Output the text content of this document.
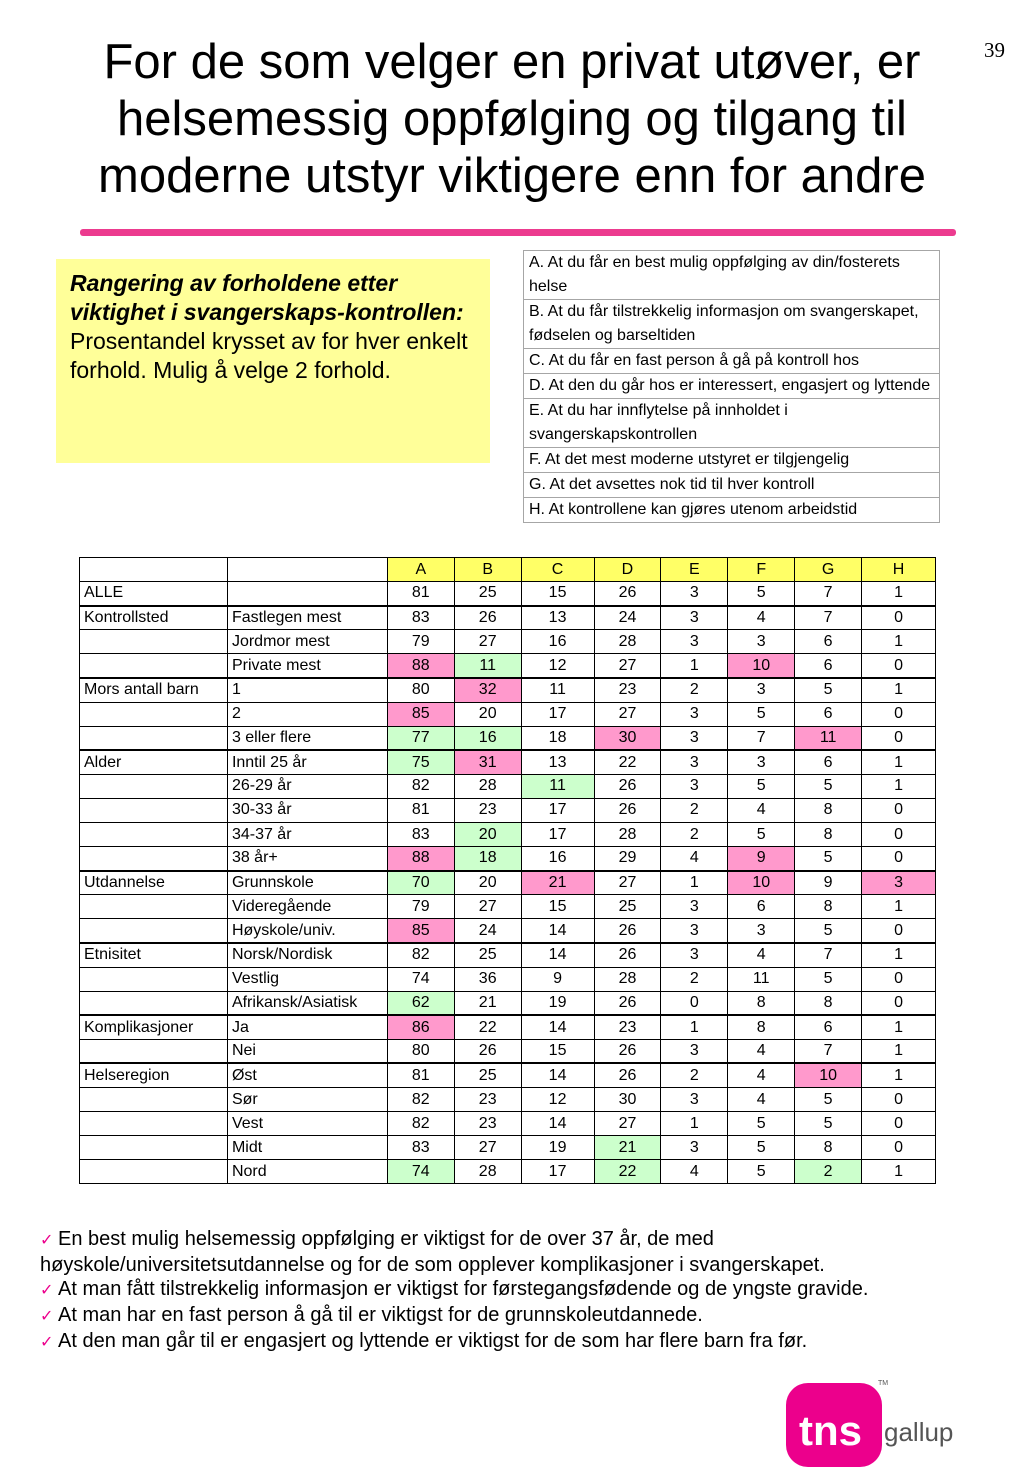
For de som velger en privat utøver, er helsemessig oppfølging og tilgang til moderne utstyr viktigere enn for andre
39
Rangering av forholdene etter viktighet i svangerskaps-kontrollen:
Prosentandel krysset av for hver enkelt forhold. Mulig å velge 2 forhold.
A. At du får en best mulig oppfølging av din/fosterets helse
B. At du får tilstrekkelig informasjon om svangerskapet, fødselen og barseltiden
C. At du får en fast person å gå på kontroll hos
D. At den du går hos er interessert, engasjert og lyttende
E. At du har innflytelse på innholdet i svangerskapskontrollen
F. At det mest moderne utstyret er tilgjengelig
G. At det avsettes nok tid til hver kontroll
H. At kontrollene kan gjøres utenom arbeidstid
		A	B	C	D	E	F	G	H
ALLE		81	25	15	26	3	5	7	1
Kontrollsted	Fastlegen mest	83	26	13	24	3	4	7	0
	Jordmor mest	79	27	16	28	3	3	6	1
	Private mest	88	11	12	27	1	10	6	0
Mors antall barn	1	80	32	11	23	2	3	5	1
	2	85	20	17	27	3	5	6	0
	3 eller flere	77	16	18	30	3	7	11	0
Alder	Inntil 25 år	75	31	13	22	3	3	6	1
	26-29 år	82	28	11	26	3	5	5	1
	30-33 år	81	23	17	26	2	4	8	0
	34-37 år	83	20	17	28	2	5	8	0
	38 år+	88	18	16	29	4	9	5	0
Utdannelse	Grunnskole	70	20	21	27	1	10	9	3
	Videregående	79	27	15	25	3	6	8	1
	Høyskole/univ.	85	24	14	26	3	3	5	0
Etnisitet	Norsk/Nordisk	82	25	14	26	3	4	7	1
	Vestlig	74	36	9	28	2	11	5	0
	Afrikansk/Asiatisk	62	21	19	26	0	8	8	0
Komplikasjoner	Ja	86	22	14	23	1	8	6	1
	Nei	80	26	15	26	3	4	7	1
Helseregion	Øst	81	25	14	26	2	4	10	1
	Sør	82	23	12	30	3	4	5	0
	Vest	82	23	14	27	1	5	5	0
	Midt	83	27	19	21	3	5	8	0
	Nord	74	28	17	22	4	5	2	1

✓ En best mulig helsemessig oppfølging er viktigst for de over 37 år, de med høyskole/universitetsutdannelse og for de som opplever komplikasjoner i svangerskapet.

✓ At man fått tilstrekkelig informasjon er viktigst for førstegangsfødende og de yngste gravide.

✓ At man har en fast person å gå til er viktigst for de grunnskoleutdannede.

✓ At den man går til er engasjert og lyttende er viktigst for de som har flere barn fra før.

tns gallup
TM
